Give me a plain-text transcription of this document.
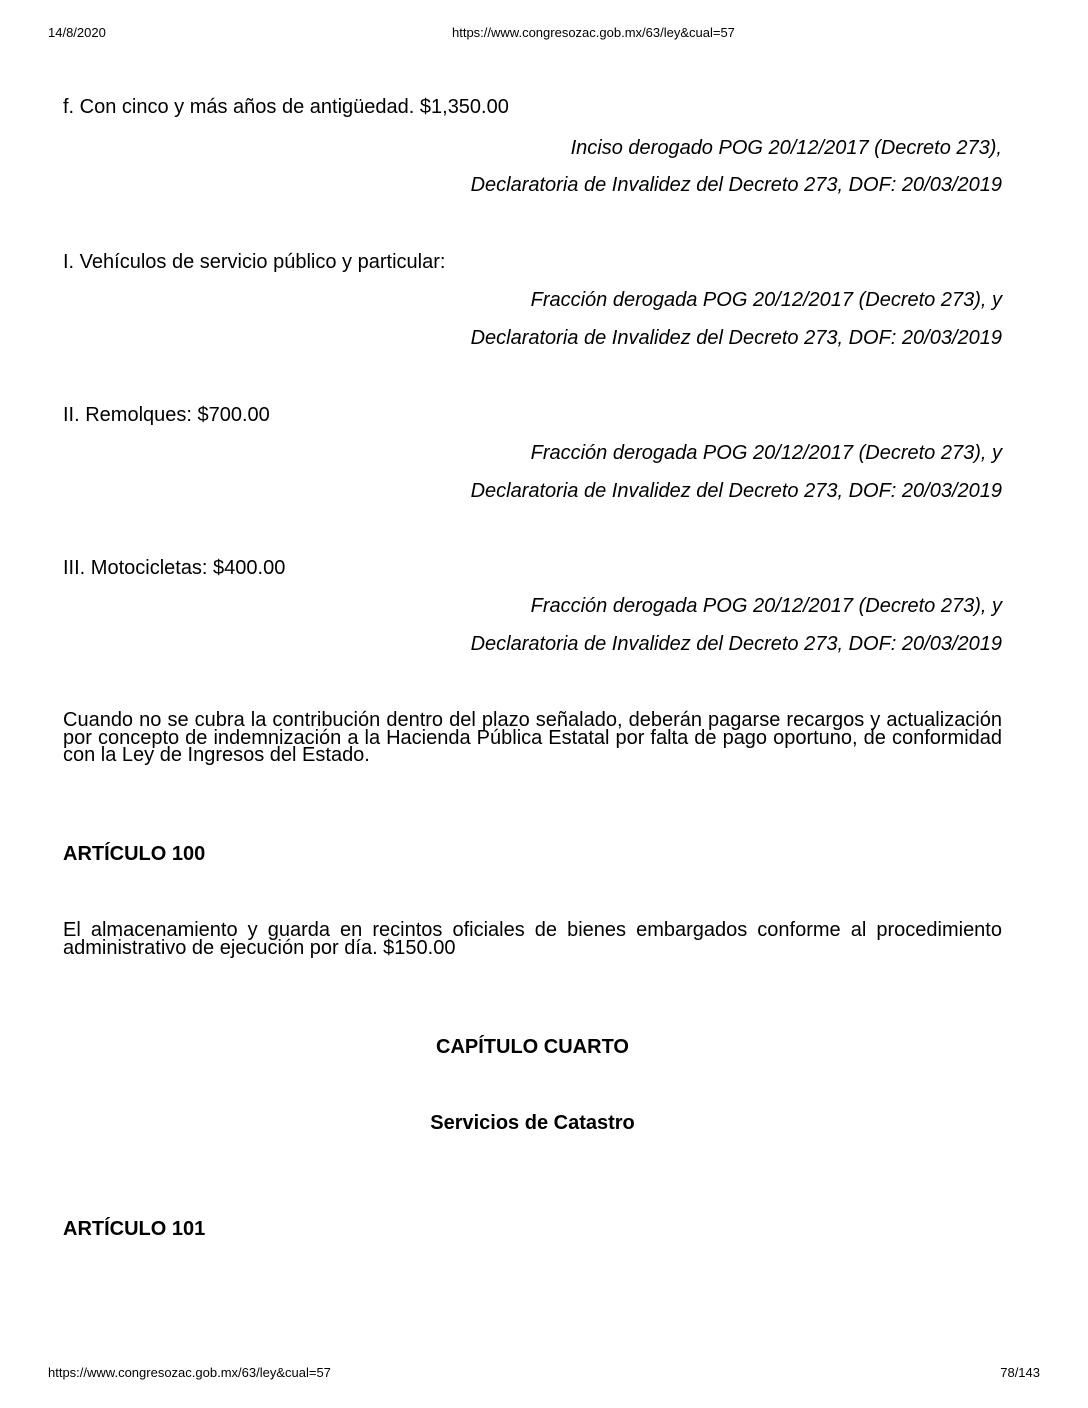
14/8/2020	https://www.congresozac.gob.mx/63/ley&cual=57
f. Con cinco y más años de antigüedad. $1,350.00
Inciso derogado POG 20/12/2017 (Decreto 273),
Declaratoria de Invalidez del Decreto 273, DOF: 20/03/2019
I. Vehículos de servicio público y particular:
Fracción derogada POG 20/12/2017 (Decreto 273), y
Declaratoria de Invalidez del Decreto 273, DOF: 20/03/2019
II. Remolques: $700.00
Fracción derogada POG 20/12/2017 (Decreto 273), y
Declaratoria de Invalidez del Decreto 273, DOF: 20/03/2019
III. Motocicletas: $400.00
Fracción derogada POG 20/12/2017 (Decreto 273), y
Declaratoria de Invalidez del Decreto 273, DOF: 20/03/2019
Cuando no se cubra la contribución dentro del plazo señalado, deberán pagarse recargos y actualización por concepto de indemnización a la Hacienda Pública Estatal por falta de pago oportuno, de conformidad con la Ley de Ingresos del Estado.
ARTÍCULO 100
El almacenamiento y guarda en recintos oficiales de bienes embargados conforme al procedimiento administrativo de ejecución por día. $150.00
CAPÍTULO CUARTO
Servicios de Catastro
ARTÍCULO 101
https://www.congresozac.gob.mx/63/ley&cual=57	78/143
